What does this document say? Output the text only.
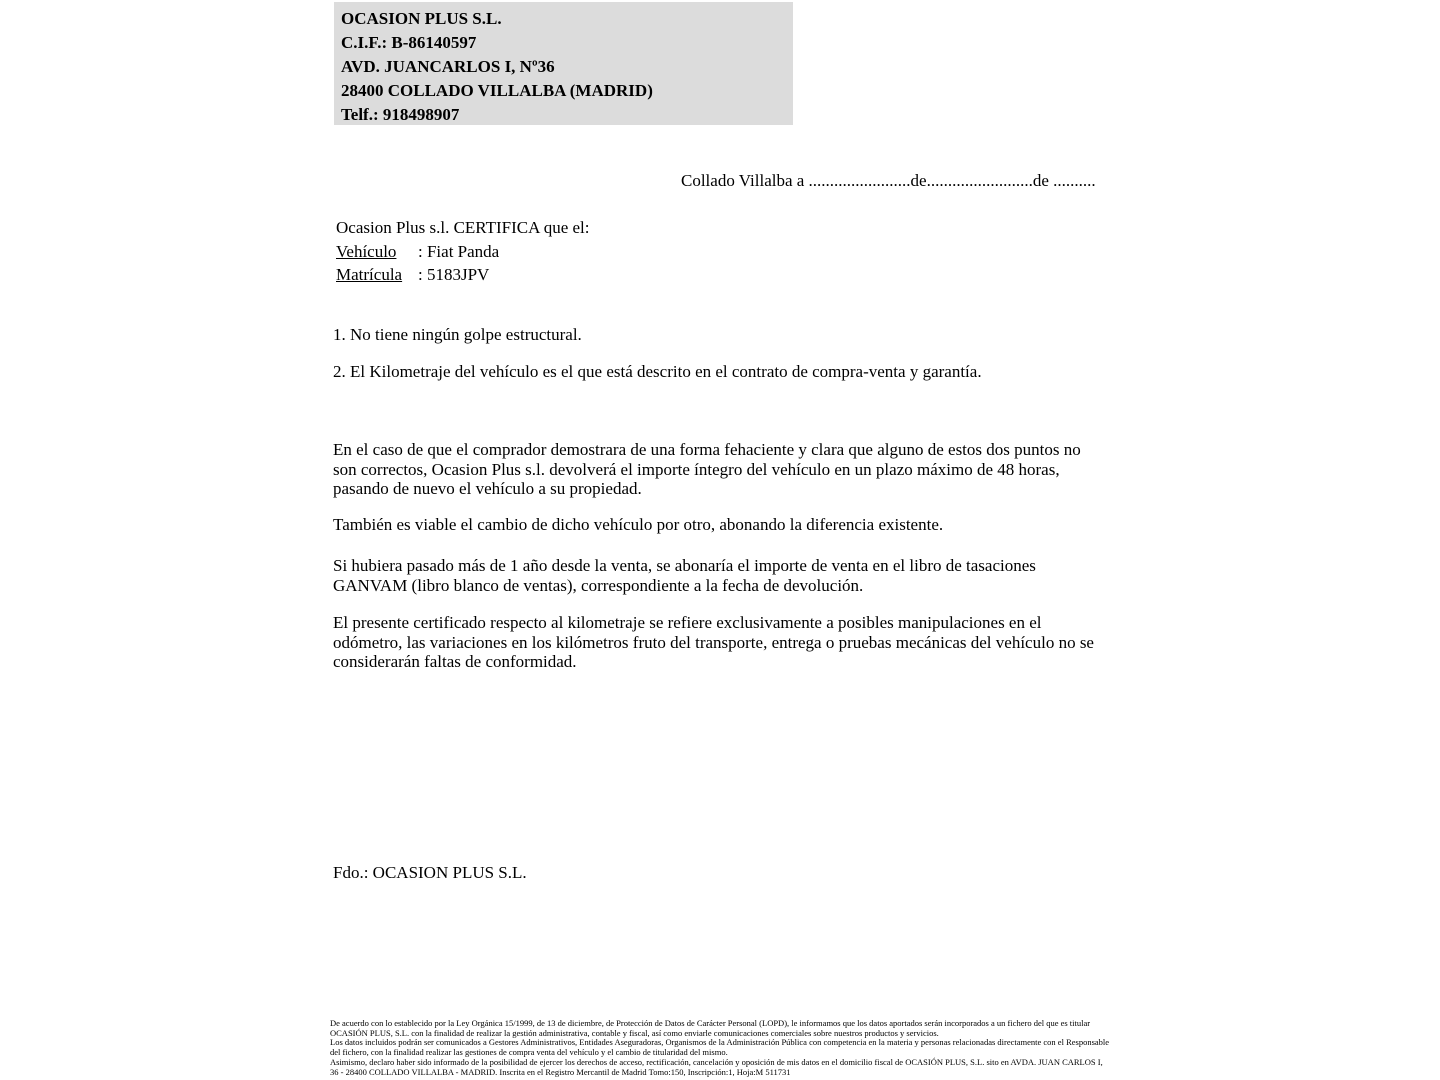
OCASION PLUS S.L.
C.I.F.: B-86140597
AVD. JUANCARLOS I, Nº36
28400 COLLADO VILLALBA (MADRID)
Telf.: 918498907
Collado Villalba a ........................de.........................de ..........
Ocasion Plus s.l. CERTIFICA que el:
Vehículo : Fiat Panda
Matrícula : 5183JPV
1. No tiene ningún golpe estructural.
2. El Kilometraje del vehículo es el que está descrito en el contrato de compra-venta y garantía.
En el caso de que el comprador demostrara de una forma fehaciente y clara que alguno de estos dos puntos no son correctos, Ocasion Plus s.l. devolverá el importe íntegro del vehículo en un plazo máximo de 48 horas, pasando de nuevo el vehículo a su propiedad.
También es viable el cambio de dicho vehículo por otro, abonando la diferencia existente.
Si hubiera pasado más de 1 año desde la venta, se abonaría el importe de venta en el libro de tasaciones GANVAM (libro blanco de ventas), correspondiente a la fecha de devolución.
El presente certificado respecto al kilometraje se refiere exclusivamente a posibles manipulaciones en el odómetro, las variaciones en los kilómetros fruto del transporte, entrega o pruebas mecánicas del vehículo no se considerarán faltas de conformidad.
Fdo.: OCASION PLUS S.L.
De acuerdo con lo establecido por la Ley Orgánica 15/1999, de 13 de diciembre, de Protección de Datos de Carácter Personal (LOPD), le informamos que los datos aportados serán incorporados a un fichero del que es titular OCASIÓN PLUS, S.L. con la finalidad de realizar la gestión administrativa, contable y fiscal, así como enviarle comunicaciones comerciales sobre nuestros productos y servicios.
Los datos incluidos podrán ser comunicados a Gestores Administrativos, Entidades Aseguradoras, Organismos de la Administración Pública con competencia en la materia y personas relacionadas directamente con el Responsable del fichero, con la finalidad realizar las gestiones de compra venta del vehículo y el cambio de titularidad del mismo.
Asimismo, declaro haber sido informado de la posibilidad de ejercer los derechos de acceso, rectificación, cancelación y oposición de mis datos en el domicilio fiscal de OCASIÓN PLUS, S.L. sito en AVDA. JUAN CARLOS I, 36 - 28400 COLLADO VILLALBA - MADRID. Inscrita en el Registro Mercantil de Madrid Tomo:150, Inscripción:1, Hoja:M 511731
